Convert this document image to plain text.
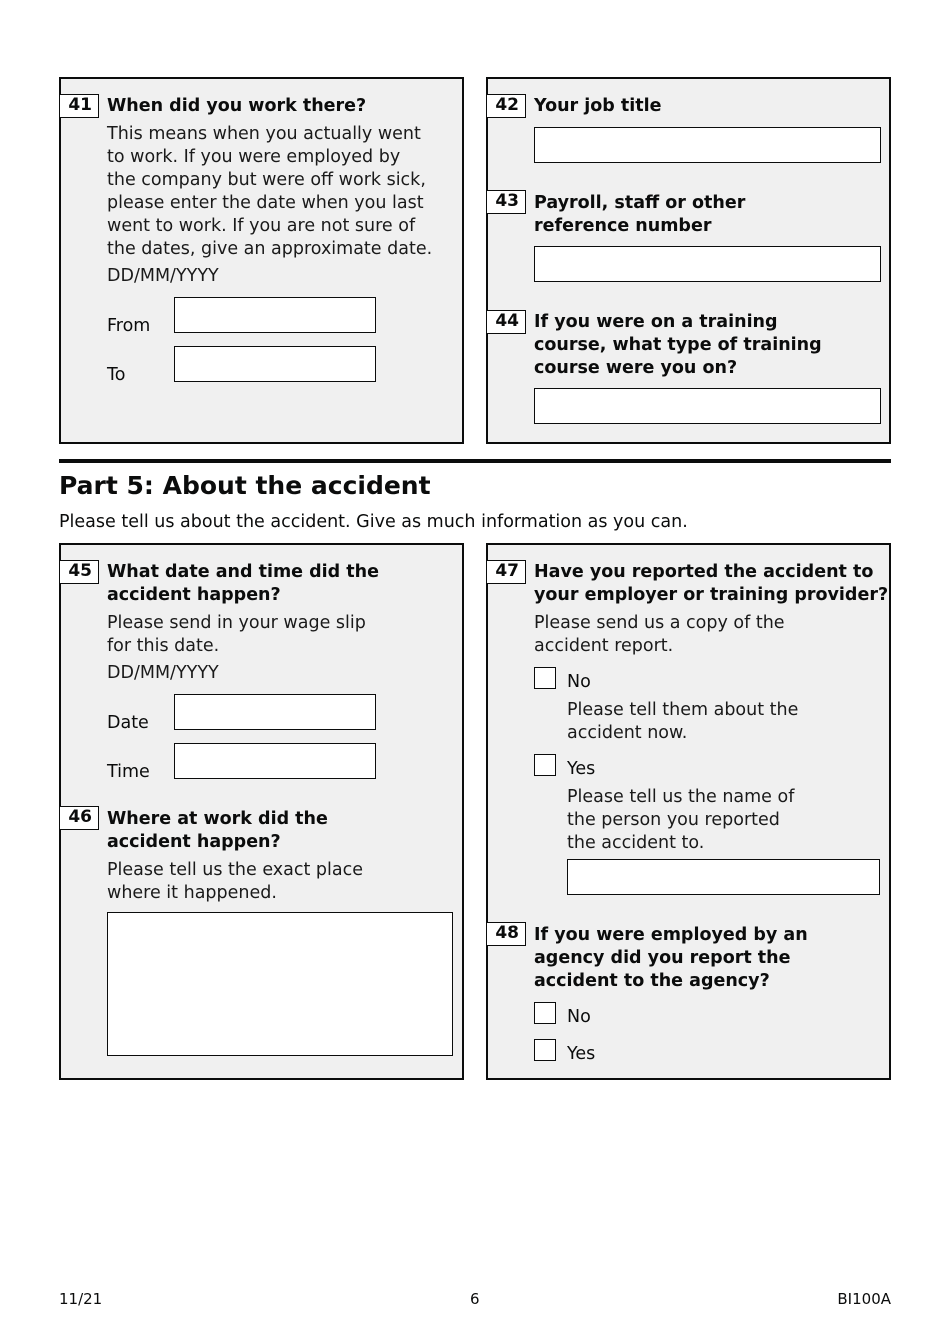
41 When did you work there?
This means when you actually went
to work. If you were employed by
the company but were off work sick,
please enter the date when you last
went to work. If you are not sure of
the dates, give an approximate date.
DD/MM/YYYY
From
To
42 Your job title
43 Payroll, staff or other
reference number
44 If you were on a training
course, what type of training
course were you on?
Part 5: About the accident
Please tell us about the accident. Give as much information as you can.
45 What date and time did the
accident happen?
Please send in your wage slip
for this date.
DD/MM/YYYY
Date
Time
46 Where at work did the
accident happen?
Please tell us the exact place
where it happened.
47 Have you reported the accident to
your employer or training provider?
Please send us a copy of the
accident report.
No
Please tell them about the
accident now.
Yes
Please tell us the name of
the person you reported
the accident to.
48 If you were employed by an
agency did you report the
accident to the agency?
No
Yes
11/21	6	BI100A
